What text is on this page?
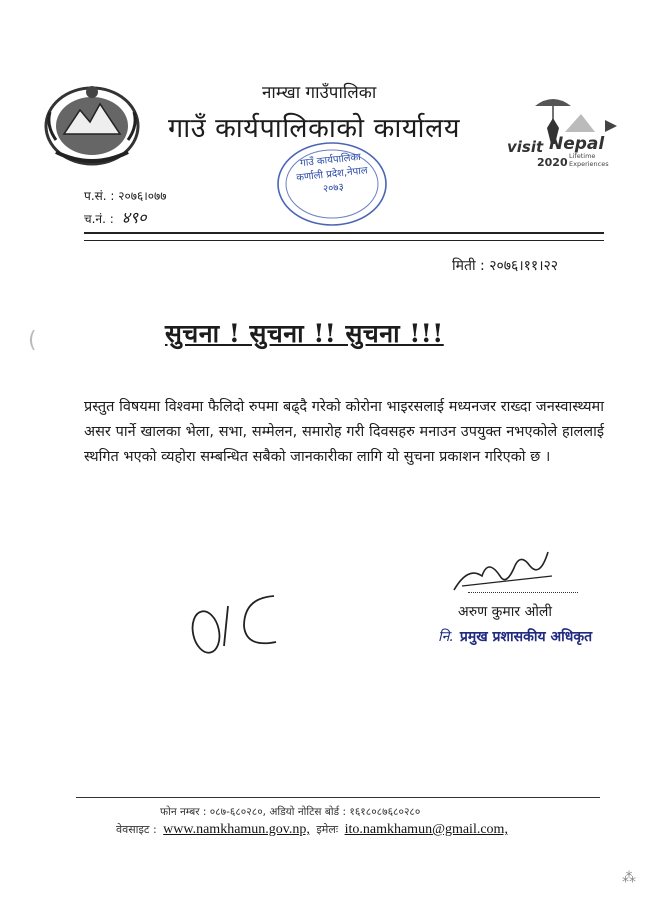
नाम्खा गाउँपालिका
गाउँ कार्यपालिकाको कार्यालय
visit Nepal
2020 Lifetime Experiences
गाउँ कार्यपालिका
कर्णाली प्रदेश,नेपाल
२०७३
प.सं. : २०७६।०७७
च.नं. : ४९०
मिती : २०७६।११।२२
सुचना ! सुचना !! सुचना !!!
प्रस्तुत विषयमा विश्वमा फैलिदो रुपमा बढ्दै गरेको कोरोना भाइरसलाई मध्यनजर राख्दा जनस्वास्थ्यमा असर पार्ने खालका भेला, सभा, सम्मेलन, समारोह गरी दिवसहरु मनाउन उपयुक्त नभएकोले हाललाई स्थगित भएको व्यहोरा सम्बन्धित सबैको जानकारीका लागि यो सुचना प्रकाशन गरिएको छ ।
अरुण कुमार ओली
नि. प्रमुख प्रशासकीय अधिकृत
फोन नम्बर : ०८७-६८०२८०, अडियो नोटिस बोर्ड : १६१८०८७६८०२८०
वेवसाइट : www.namkhamun.gov.np, इमेलः ito.namkhamun@gmail.com,
(
⁂
